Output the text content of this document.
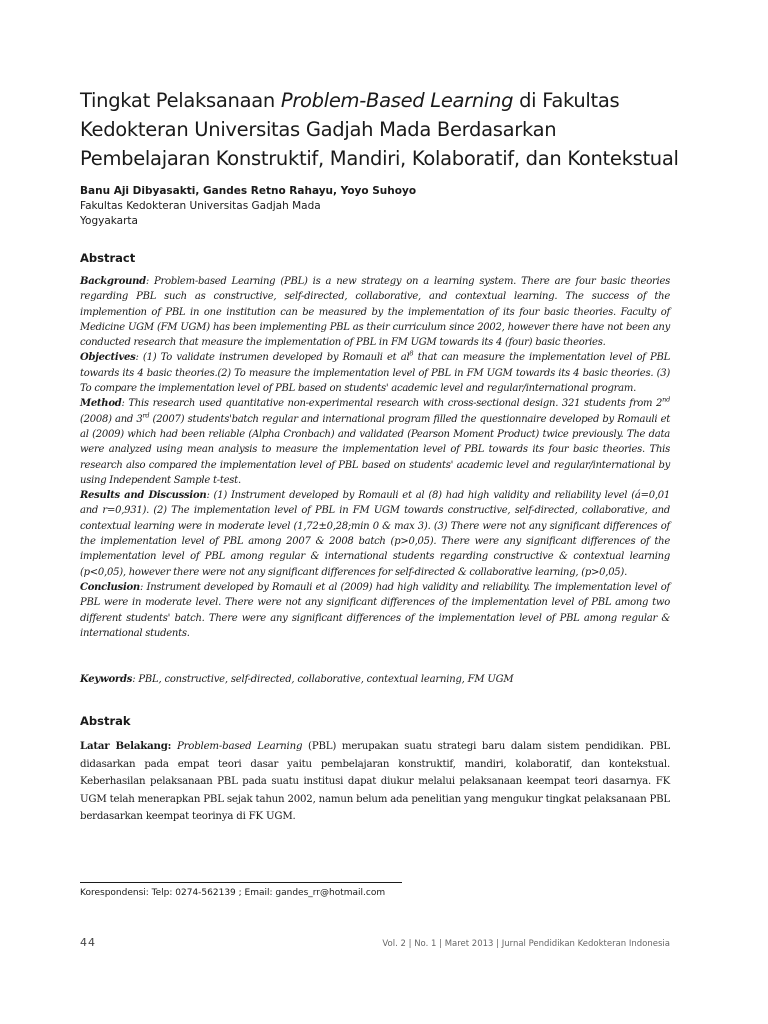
Tingkat Pelaksanaan Problem-Based Learning di Fakultas
Kedokteran Universitas Gadjah Mada Berdasarkan
Pembelajaran Konstruktif, Mandiri, Kolaboratif, dan Kontekstual
Banu Aji Dibyasakti, Gandes Retno Rahayu, Yoyo Suhoyo
Fakultas Kedokteran Universitas Gadjah Mada
Yogyakarta
Abstract

Background: Problem-based Learning (PBL) is a new strategy on a learning system. There are four basic theories regarding PBL such as constructive, self-directed, collaborative, and contextual learning. The success of the implemention of PBL in one institution can be measured by the implementation of its four basic theories. Faculty of Medicine UGM (FM UGM) has been implementing PBL as their curriculum since 2002, however there have not been any conducted research that measure the implementation of PBL in FM UGM towards its 4 (four) basic theories.

Objectives: (1) To validate instrumen developed by Romauli et $al^8$ that can measure the implementation level of PBL towards its 4 basic theories.(2) To measure the implementation level of PBL in FM UGM towards its 4 basic theories. (3) To compare the implementation level of PBL based on students' academic level and regular/international program.

Method: This research used quantitative non-experimental research with cross-sectional design. 321 students from 2nd (2008) and 3rd (2007) students'batch regular and international program filled the questionnaire developed by Romauli et al (2009) which had been reliable (Alpha Cronbach) and validated (Pearson Moment Product) twice previously. The data were analyzed using mean analysis to measure the implementation level of PBL towards its four basic theories. This research also compared the implementation level of PBL based on students' academic level and regular/international by using Independent Sample t-test.

Results and Discussion: (1) Instrument developed by Romauli et al (8) had high validity and reliability level (á=0,01 and r=0,931). (2) The implementation level of PBL in FM UGM towards constructive, self-directed, collaborative, and contextual learning were in moderate level (1,72±0,28;min 0 & max 3). (3) There were not any significant differences of the implementation level of PBL among 2007 & 2008 batch (p>0,05). There were any significant differences of the implementation level of PBL among regular & international students regarding constructive & contextual learning (p<0,05), however there were not any significant differences for self-directed & collaborative learning, (p>0,05).

Conclusion: Instrument developed by Romauli et al (2009) had high validity and reliability. The implementation level of PBL were in moderate level. There were not any significant differences of the implementation level of PBL among two different students' batch. There were any significant differences of the implementation level of PBL among regular & international students.

Keywords: PBL, constructive, self-directed, collaborative, contextual learning, FM UGM
Abstrak

Latar Belakang: Problem-based Learning (PBL) merupakan suatu strategi baru dalam sistem pendidikan. PBL didasarkan pada empat teori dasar yaitu pembelajaran konstruktif, mandiri, kolaboratif, dan kontekstual. Keberhasilan pelaksanaan PBL pada suatu institusi dapat diukur melalui pelaksanaan keempat teori dasarnya. FK UGM telah menerapkan PBL sejak tahun 2002, namun belum ada penelitian yang mengukur tingkat pelaksanaan PBL berdasarkan keempat teorinya di FK UGM.

Korespondensi: Telp: 0274-562139 ; Email: gandes_rr@hotmail.com
44	Vol. 2 | No. 1 | Maret 2013 | Jurnal Pendidikan Kedokteran Indonesia
